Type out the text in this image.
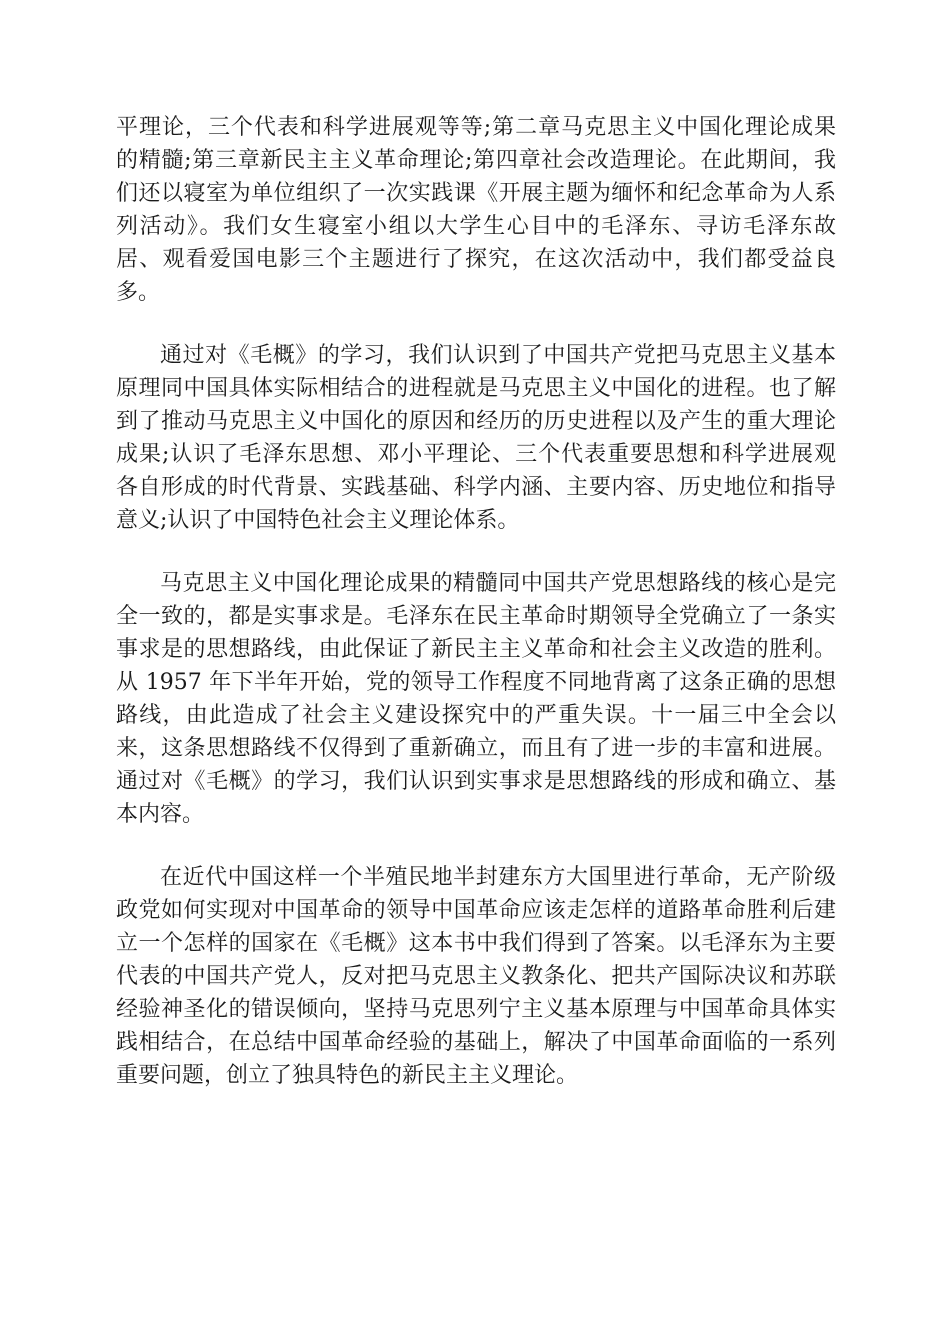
平理论，三个代表和科学进展观等等;第二章马克思主义中国化理论成果
的精髓;第三章新民主主义革命理论;第四章社会改造理论。在此期间，我
们还以寝室为单位组织了一次实践课《开展主题为缅怀和纪念革命为人系
列活动》。我们女生寝室小组以大学生心目中的毛泽东、寻访毛泽东故
居、观看爱国电影三个主题进行了探究，在这次活动中，我们都受益良
多。
通过对《毛概》的学习，我们认识到了中国共产党把马克思主义基本
原理同中国具体实际相结合的进程就是马克思主义中国化的进程。也了解
到了推动马克思主义中国化的原因和经历的历史进程以及产生的重大理论
成果;认识了毛泽东思想、邓小平理论、三个代表重要思想和科学进展观
各自形成的时代背景、实践基础、科学内涵、主要内容、历史地位和指导
意义;认识了中国特色社会主义理论体系。
马克思主义中国化理论成果的精髓同中国共产党思想路线的核心是完
全一致的，都是实事求是。毛泽东在民主革命时期领导全党确立了一条实
事求是的思想路线，由此保证了新民主主义革命和社会主义改造的胜利。
从 1957 年下半年开始，党的领导工作程度不同地背离了这条正确的思想
路线，由此造成了社会主义建设探究中的严重失误。十一届三中全会以
来，这条思想路线不仅得到了重新确立，而且有了进一步的丰富和进展。
通过对《毛概》的学习，我们认识到实事求是思想路线的形成和确立、基
本内容。
在近代中国这样一个半殖民地半封建东方大国里进行革命，无产阶级
政党如何实现对中国革命的领导中国革命应该走怎样的道路革命胜利后建
立一个怎样的国家在《毛概》这本书中我们得到了答案。以毛泽东为主要
代表的中国共产党人，反对把马克思主义教条化、把共产国际决议和苏联
经验神圣化的错误倾向，坚持马克思列宁主义基本原理与中国革命具体实
践相结合，在总结中国革命经验的基础上，解决了中国革命面临的一系列
重要问题，创立了独具特色的新民主主义理论。
